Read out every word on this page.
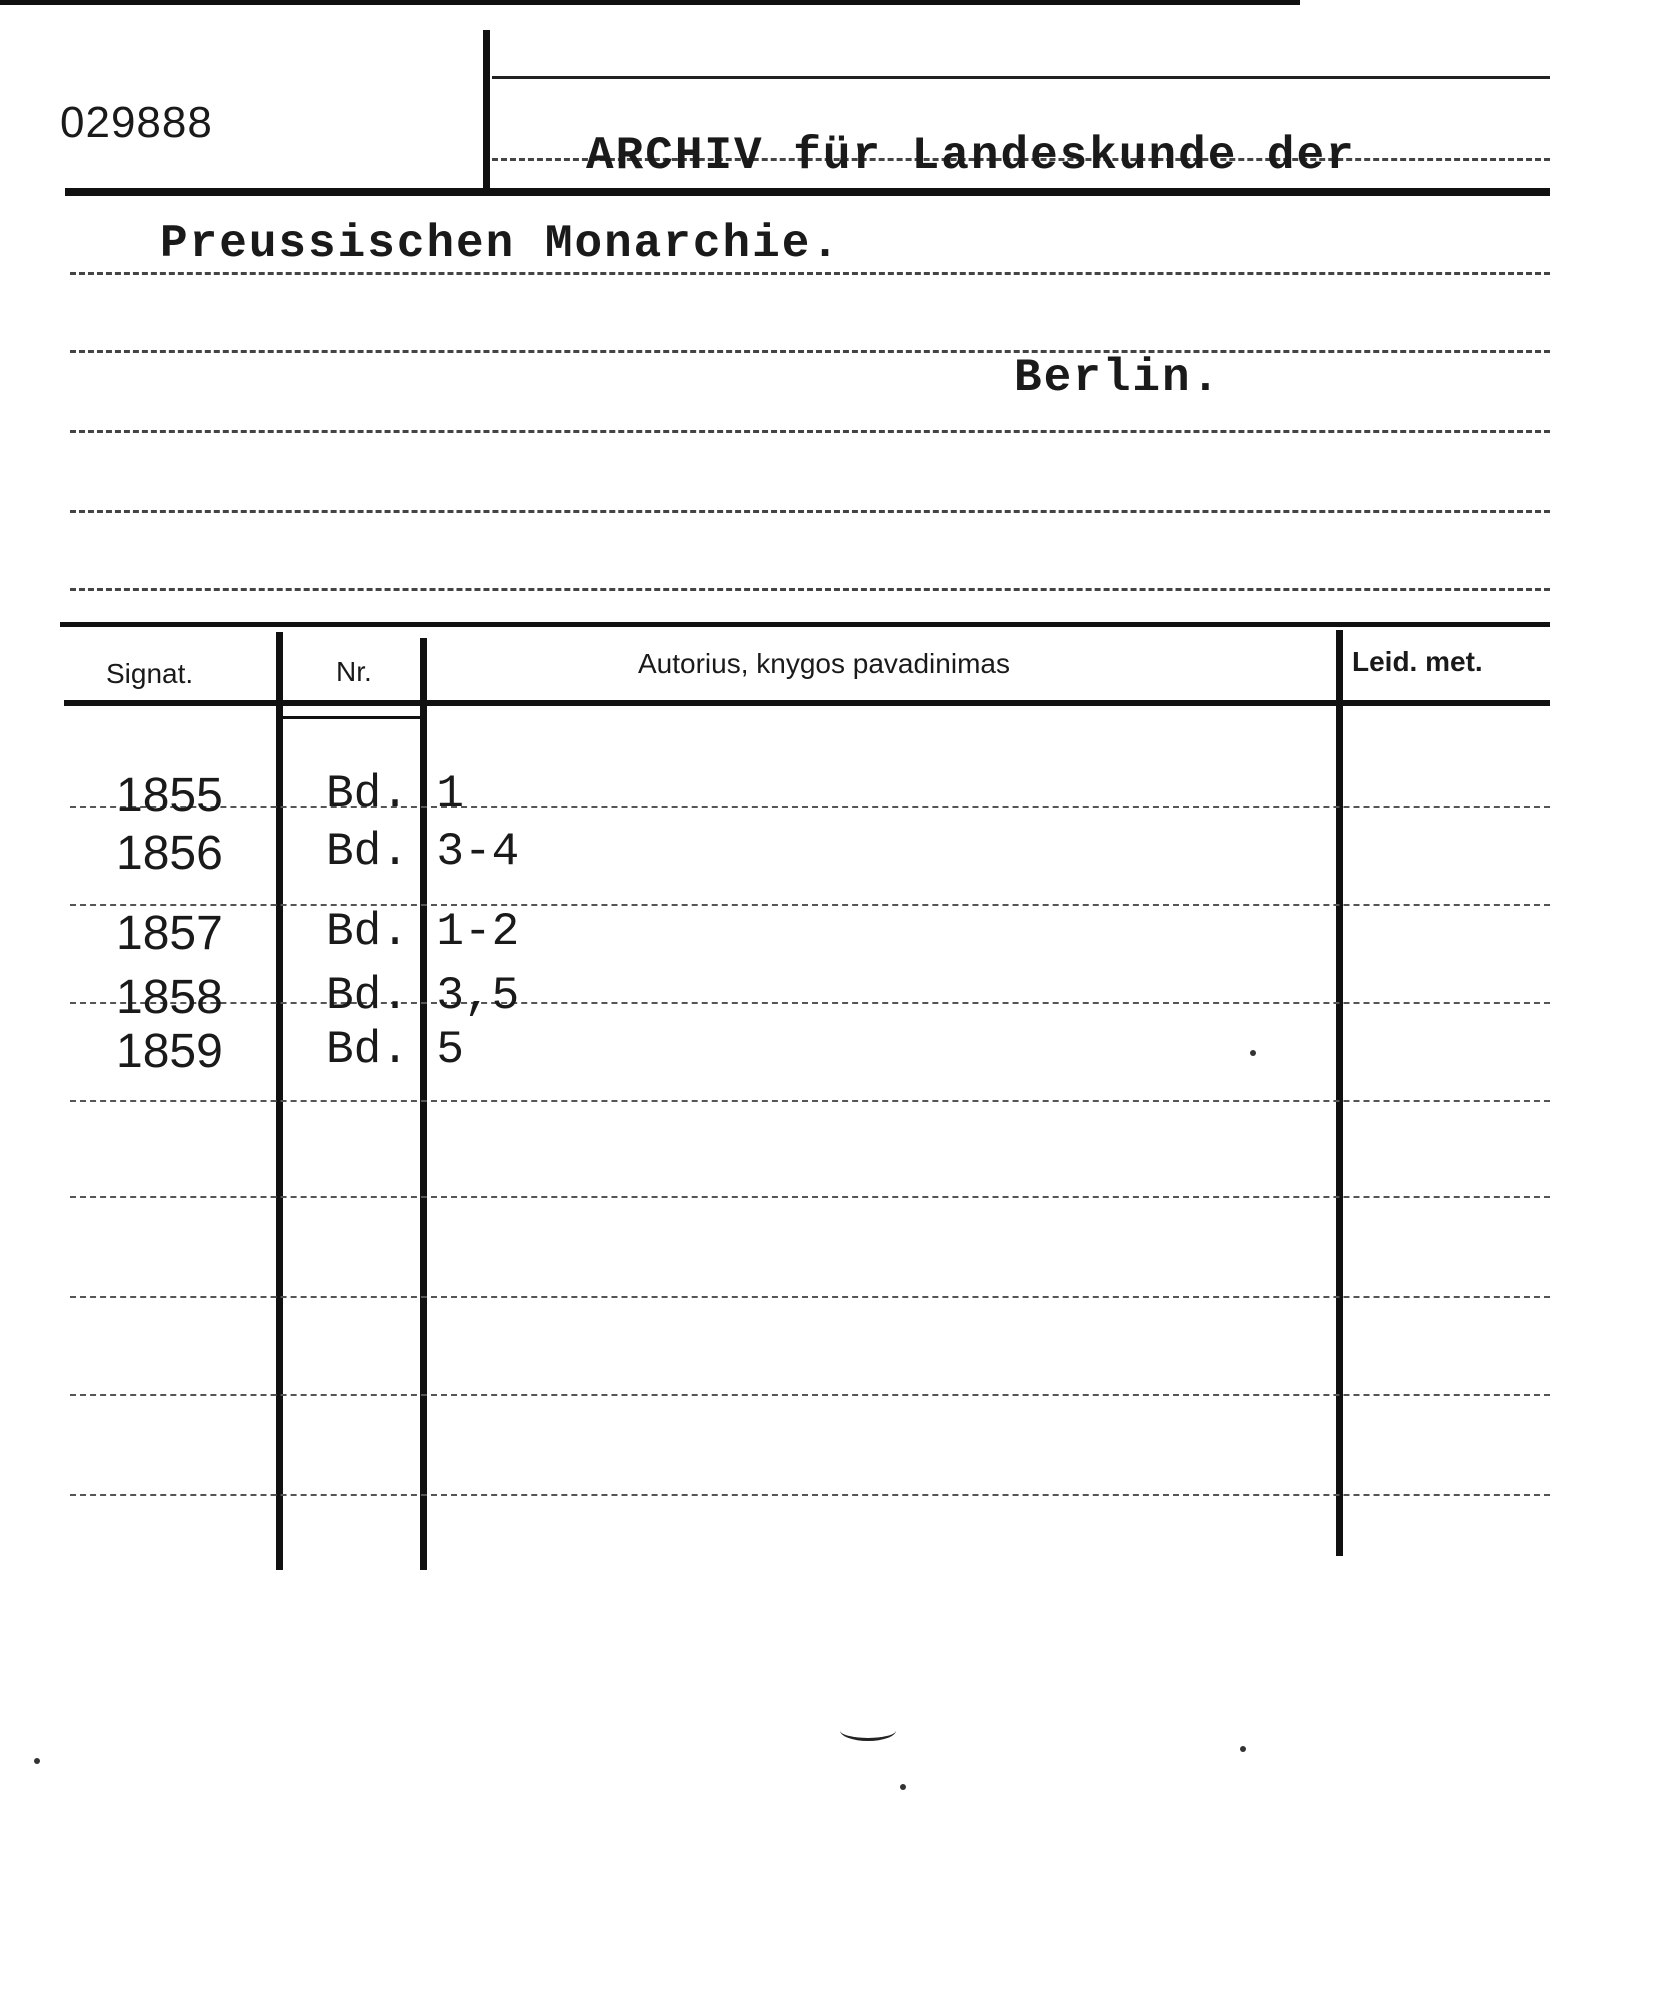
029888
ARCHIV für Landeskunde der
Preussischen Monarchie.
Berlin.
Signat.	Nr.	Autorius, knygos pavadinimas	Leid. met.
1855 Bd. 1
1856 Bd. 3-4
1857 Bd. 1-2
1858 Bd. 3,5
1859 Bd. 5
